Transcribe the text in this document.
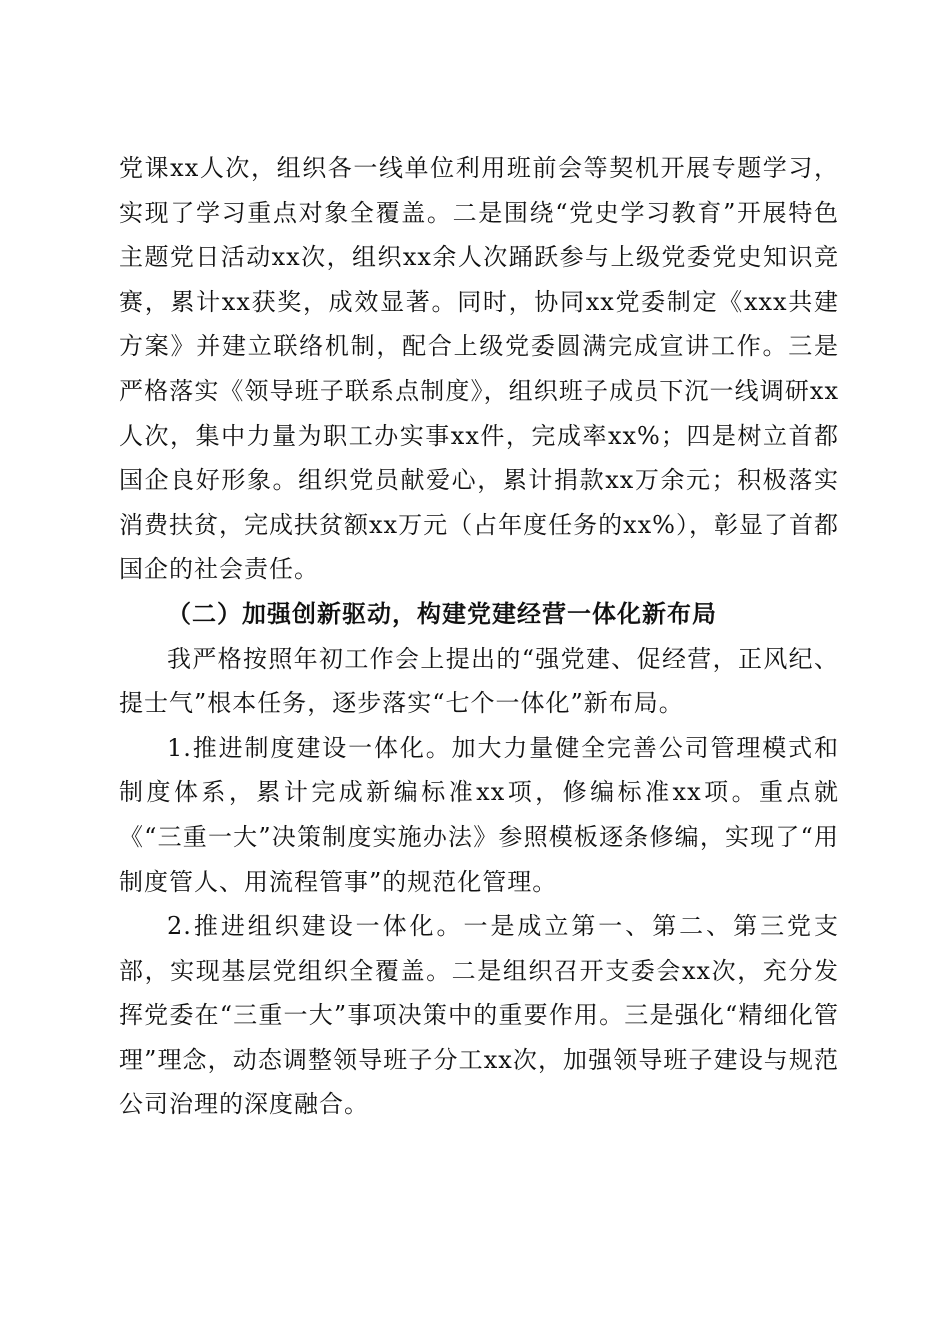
党课xx人次，组织各一线单位利用班前会等契机开展专题学习，实现了学习重点对象全覆盖。二是围绕“党史学习教育”开展特色主题党日活动xx次，组织xx余人次踊跃参与上级党委党史知识竞赛，累计xx获奖，成效显著。同时，协同xx党委制定《xxx共建方案》并建立联络机制，配合上级党委圆满完成宣讲工作。三是严格落实《领导班子联系点制度》，组织班子成员下沉一线调研xx人次，集中力量为职工办实事xx件，完成率xx%；四是树立首都国企良好形象。组织党员献爱心，累计捐款xx万余元；积极落实消费扶贫，完成扶贫额xx万元（占年度任务的xx%），彰显了首都国企的社会责任。

（二）加强创新驱动，构建党建经营一体化新布局

我严格按照年初工作会上提出的“强党建、促经营，正风纪、提士气”根本任务，逐步落实“七个一体化”新布局。

1.推进制度建设一体化。加大力量健全完善公司管理模式和制度体系，累计完成新编标准xx项，修编标准xx项。重点就《“三重一大”决策制度实施办法》参照模板逐条修编，实现了“用制度管人、用流程管事”的规范化管理。

2.推进组织建设一体化。一是成立第一、第二、第三党支部，实现基层党组织全覆盖。二是组织召开支委会xx次，充分发挥党委在“三重一大”事项决策中的重要作用。三是强化“精细化管理”理念，动态调整领导班子分工xx次，加强领导班子建设与规范公司治理的深度融合。
